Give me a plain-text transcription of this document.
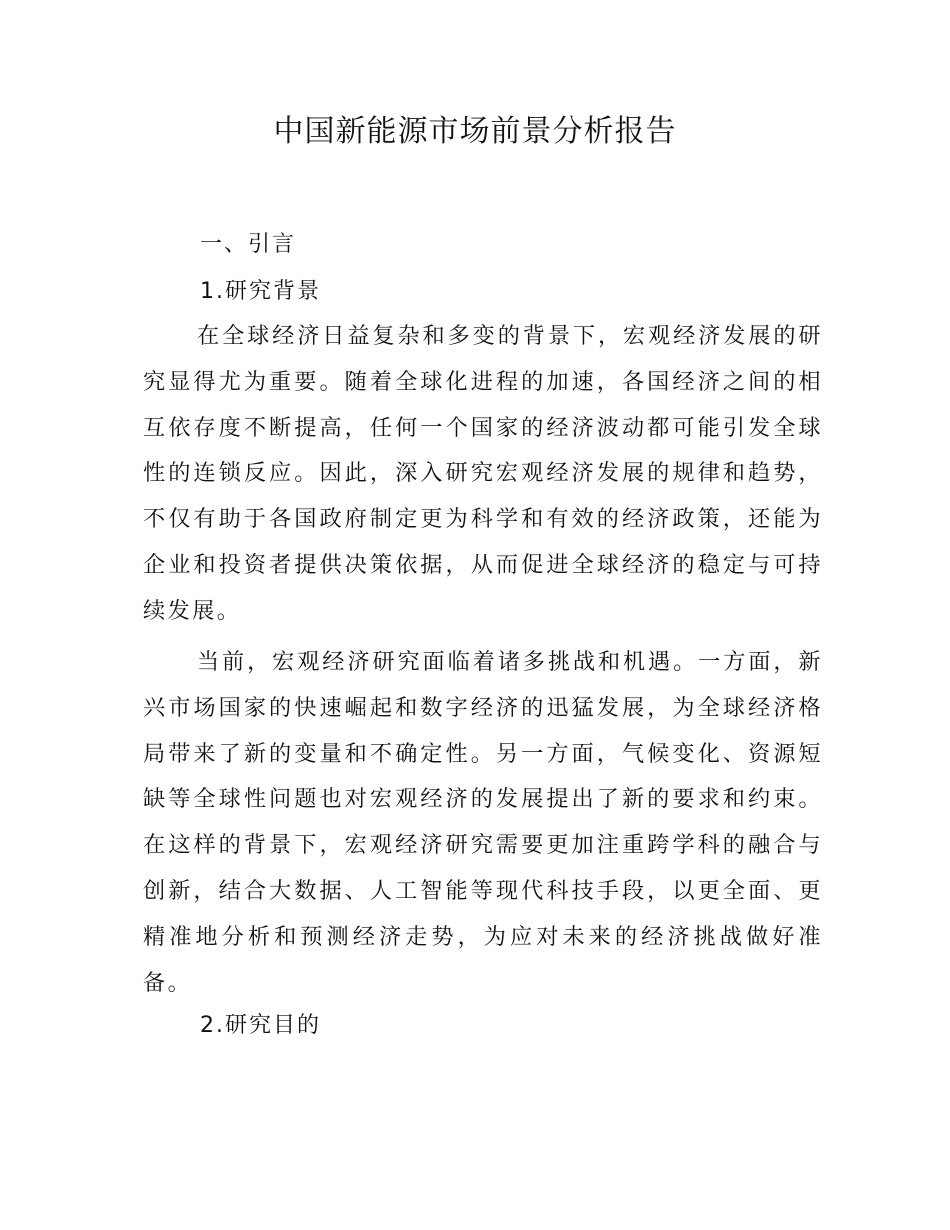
中国新能源市场前景分析报告
一、引言
1.研究背景

在全球经济日益复杂和多变的背景下，宏观经济发展的研究显得尤为重要。随着全球化进程的加速，各国经济之间的相互依存度不断提高，任何一个国家的经济波动都可能引发全球性的连锁反应。因此，深入研究宏观经济发展的规律和趋势，不仅有助于各国政府制定更为科学和有效的经济政策，还能为企业和投资者提供决策依据，从而促进全球经济的稳定与可持续发展。

当前，宏观经济研究面临着诸多挑战和机遇。一方面，新兴市场国家的快速崛起和数字经济的迅猛发展，为全球经济格局带来了新的变量和不确定性。另一方面，气候变化、资源短缺等全球性问题也对宏观经济的发展提出了新的要求和约束。在这样的背景下，宏观经济研究需要更加注重跨学科的融合与创新，结合大数据、人工智能等现代科技手段，以更全面、更精准地分析和预测经济走势，为应对未来的经济挑战做好准备。

2.研究目的
